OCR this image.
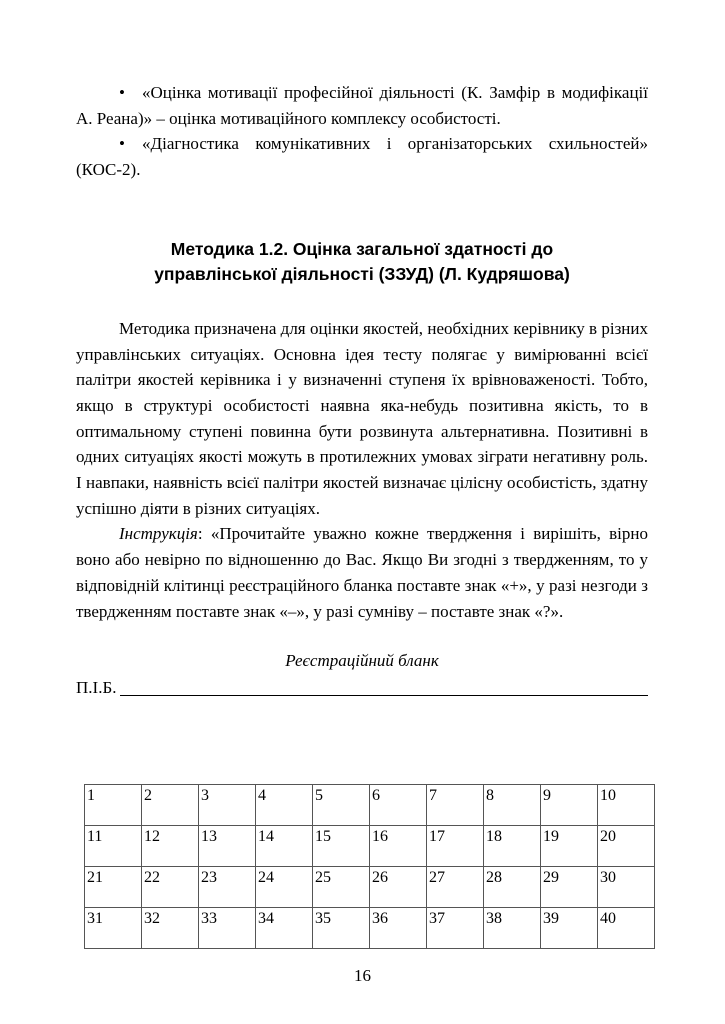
• «Оцінка мотивації професійної діяльності (К. Замфір в модифікації А. Реана)» – оцінка мотиваційного комплексу особистості.

• «Діагностика комунікативних і організаторських схильностей» (КОС-2).

Методика 1.2. Оцінка загальної здатності до
управлінської діяльності (ЗЗУД) (Л. Кудряшова)

Методика призначена для оцінки якостей, необхідних керівнику в різних управлінських ситуаціях. Основна ідея тесту полягає у вимірюванні всієї палітри якостей керівника і у визначенні ступеня їх врівноваженості. Тобто, якщо в структурі особистості наявна яка-небудь позитивна якість, то в оптимальному ступені повинна бути розвинута альтернативна. Позитивні в одних ситуаціях якості можуть в протилежних умовах зіграти негативну роль. І навпаки, наявність всієї палітри якостей визначає цілісну особистість, здатну успішно діяти в різних ситуаціях.

Інструкція: «Прочитайте уважно кожне твердження і вирішіть, вірно воно або невірно по відношенню до Вас. Якщо Ви згодні з твердженням, то у відповідній клітинці реєстраційного бланка поставте знак «+», у разі незгоди з твердженням поставте знак «–», у разі сумніву – поставте знак «?».

Реєстраційний бланк
П.І.Б.
1	2	3	4	5	6	7	8	9	10
11	12	13	14	15	16	17	18	19	20
21	22	23	24	25	26	27	28	29	30
31	32	33	34	35	36	37	38	39	40
16
